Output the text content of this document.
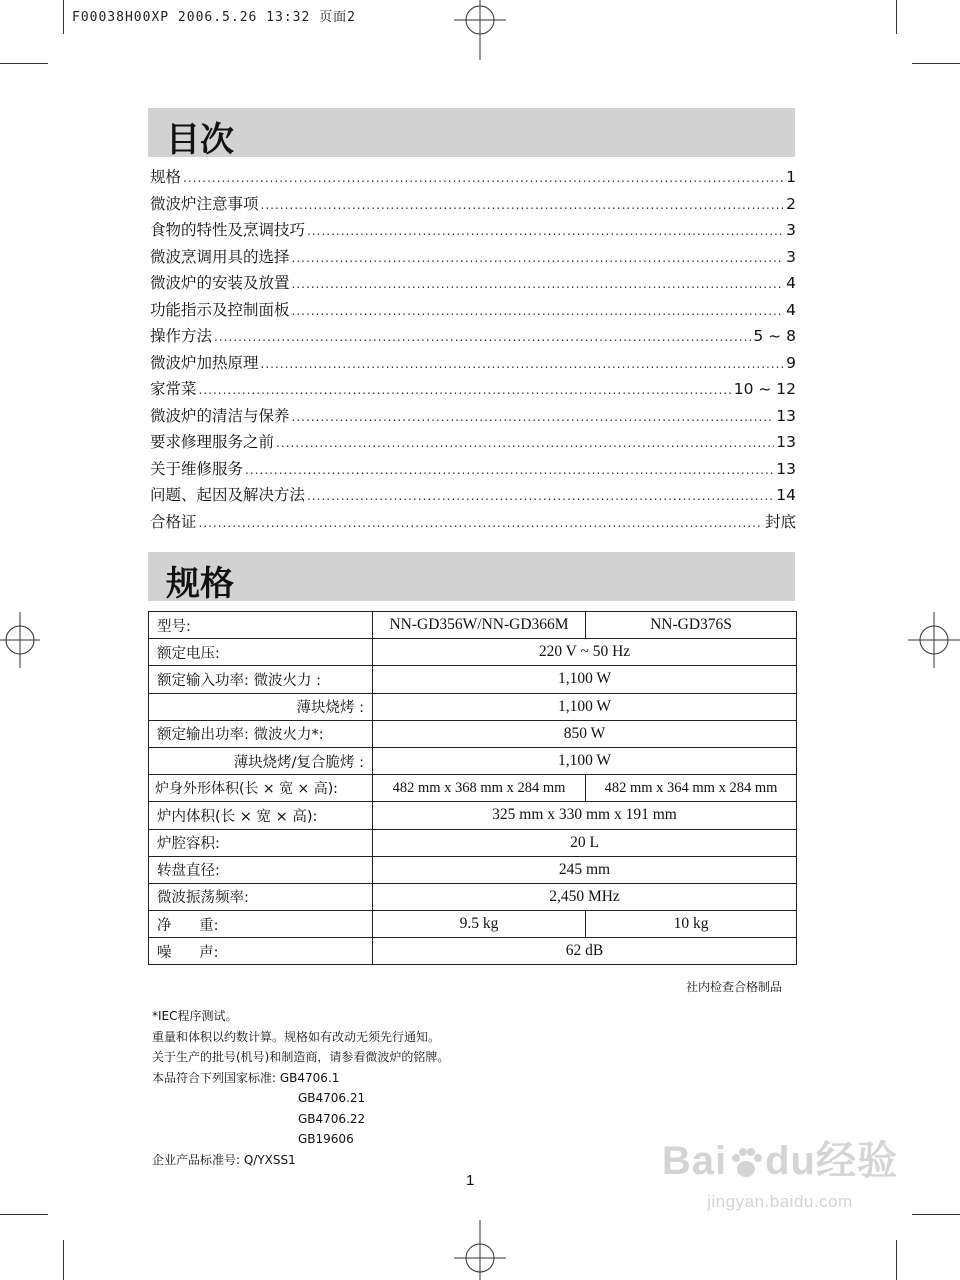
F00038H00XP 2006.5.26 13:32 页面2
目次
规格 .....	1
微波炉注意事项 .....	2
食物的特性及烹调技巧 .....	3
微波烹调用具的选择 .....	3
微波炉的安装及放置 .....	4
功能指示及控制面板 .....	4
操作方法 .....	5 ~ 8
微波炉加热原理 .....	9
家常菜 .....	10 ~ 12
微波炉的清洁与保养 .....	13
要求修理服务之前 .....	13
关于维修服务 .....	13
问题、起因及解决方法 .....	14
合格证 .....	封底
规格
型号:	NN-GD356W/NN-GD366M	NN-GD376S
额定电压:	220 V ~ 50 Hz	
额定输入功率: 微波火力 :	1,100 W	
薄块烧烤 :	1,100 W	
额定输出功率: 微波火力*:	850 W	
薄块烧烤/复合脆烤 :	1,100 W	
炉身外形体积(长 × 宽 × 高):	482 mm x 368 mm x 284 mm	482 mm x 364 mm x 284 mm
炉内体积(长 × 宽 × 高):	325 mm x 330 mm x 191 mm	
炉腔容积:	20 L	
转盘直径:	245 mm	
微波振荡频率:	2,450 MHz	
净      重:	9.5 kg	10 kg
噪      声:	62 dB	
社内检查合格制品
*IEC程序测试。
重量和体积以约数计算。规格如有改动无须先行通知。
关于生产的批号(机号)和制造商，请参看微波炉的铭牌。
本品符合下列国家标准: GB4706.1
GB4706.21
GB4706.22
GB19606
企业产品标准号: Q/YXSS1
1	Bai du经验
jingyan.baidu.com
